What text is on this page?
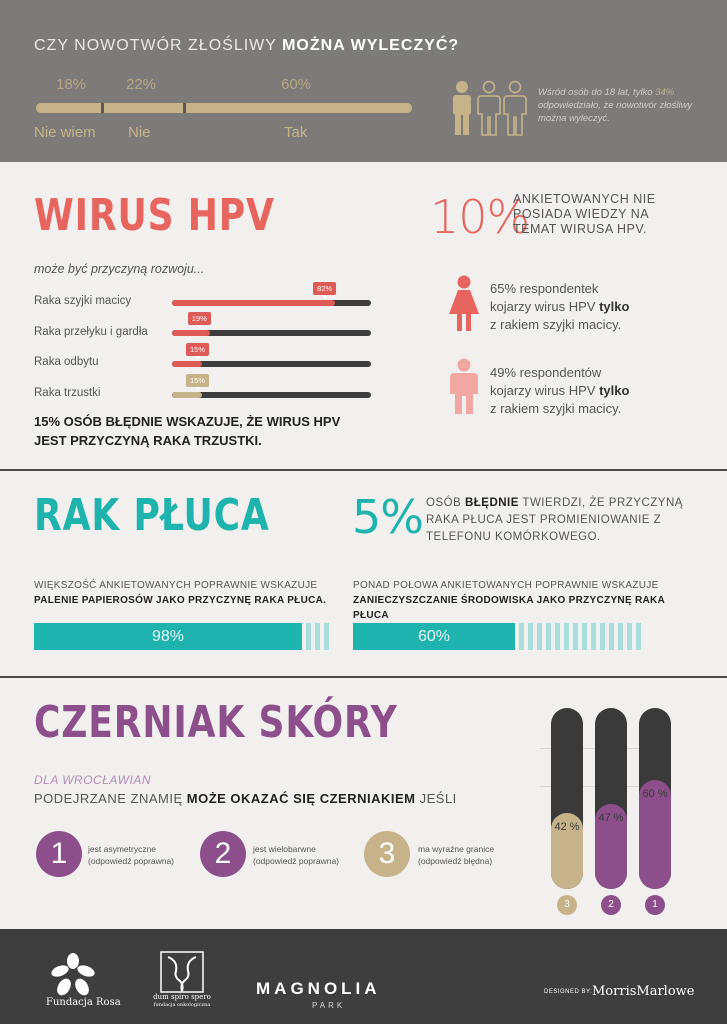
CZY NOWOTWÓR ZŁOŚLIWY MOŻNA WYLECZYĆ?
18%	22%	60%
Nie wiem Nie	Tak
Wśród osób do 18 lat, tylko 34% odpowiedziało, że nowotwór złośliwy można wyleczyć.
WIRUS HPV
może być przyczyną rozwoju...
Raka szyjki macicy
Raka przełyku i gardła
Raka odbytu
Raka trzustki
82%
19%
15%
15%
15% OSÓB BŁĘDNIE WSKAZUJE, ŻE WIRUS HPV JEST PRZYCZYNĄ RAKA TRZUSTKI.
10%
ANKIETOWANYCH NIE POSIADA WIEDZY NA TEMAT WIRUSA HPV.
65% respondentek
kojarzy wirus HPV tylko
z rakiem szyjki macicy.
49% respondentów
kojarzy wirus HPV tylko
z rakiem szyjki macicy.
RAK PŁUCA 5% OSÓB BŁĘDNIE TWIERDZI, ŻE PRZYCZYNĄ RAKA PŁUCA JEST PROMIENIOWANIE Z TELEFONU KOMÓRKOWEGO.
WIĘKSZOŚĆ ANKIETOWANYCH POPRAWNIE WSKAZUJE
PALENIE PAPIEROSÓW JAKO PRZYCZYNĘ RAKA PŁUCA.
PONAD POŁOWA ANKIETOWANYCH POPRAWNIE WSKAZUJE
ZANIECZYSZCZANIE ŚRODOWISKA JAKO PRZYCZYNĘ RAKA PŁUCA
98%	60%
CZERNIAK SKÓRY
DLA WROCŁAWIAN
PODEJRZANE ZNAMIĘ MOŻE OKAZAĆ SIĘ CZERNIAKIEM JEŚLI
1	jest asymetryczne
(odpowiedź poprawna)	2	jest wielobarwne
(odpowiedź poprawna)	3	ma wyraźne granice
(odpowiedź błędna)
42 %
3
47 %
2
60 %
1
Fundacja Rosa	dum spiro spero
fundacja onkologiczna
MAGNOLIA
PARK
DESIGNED BY: MorrisMarlowe
